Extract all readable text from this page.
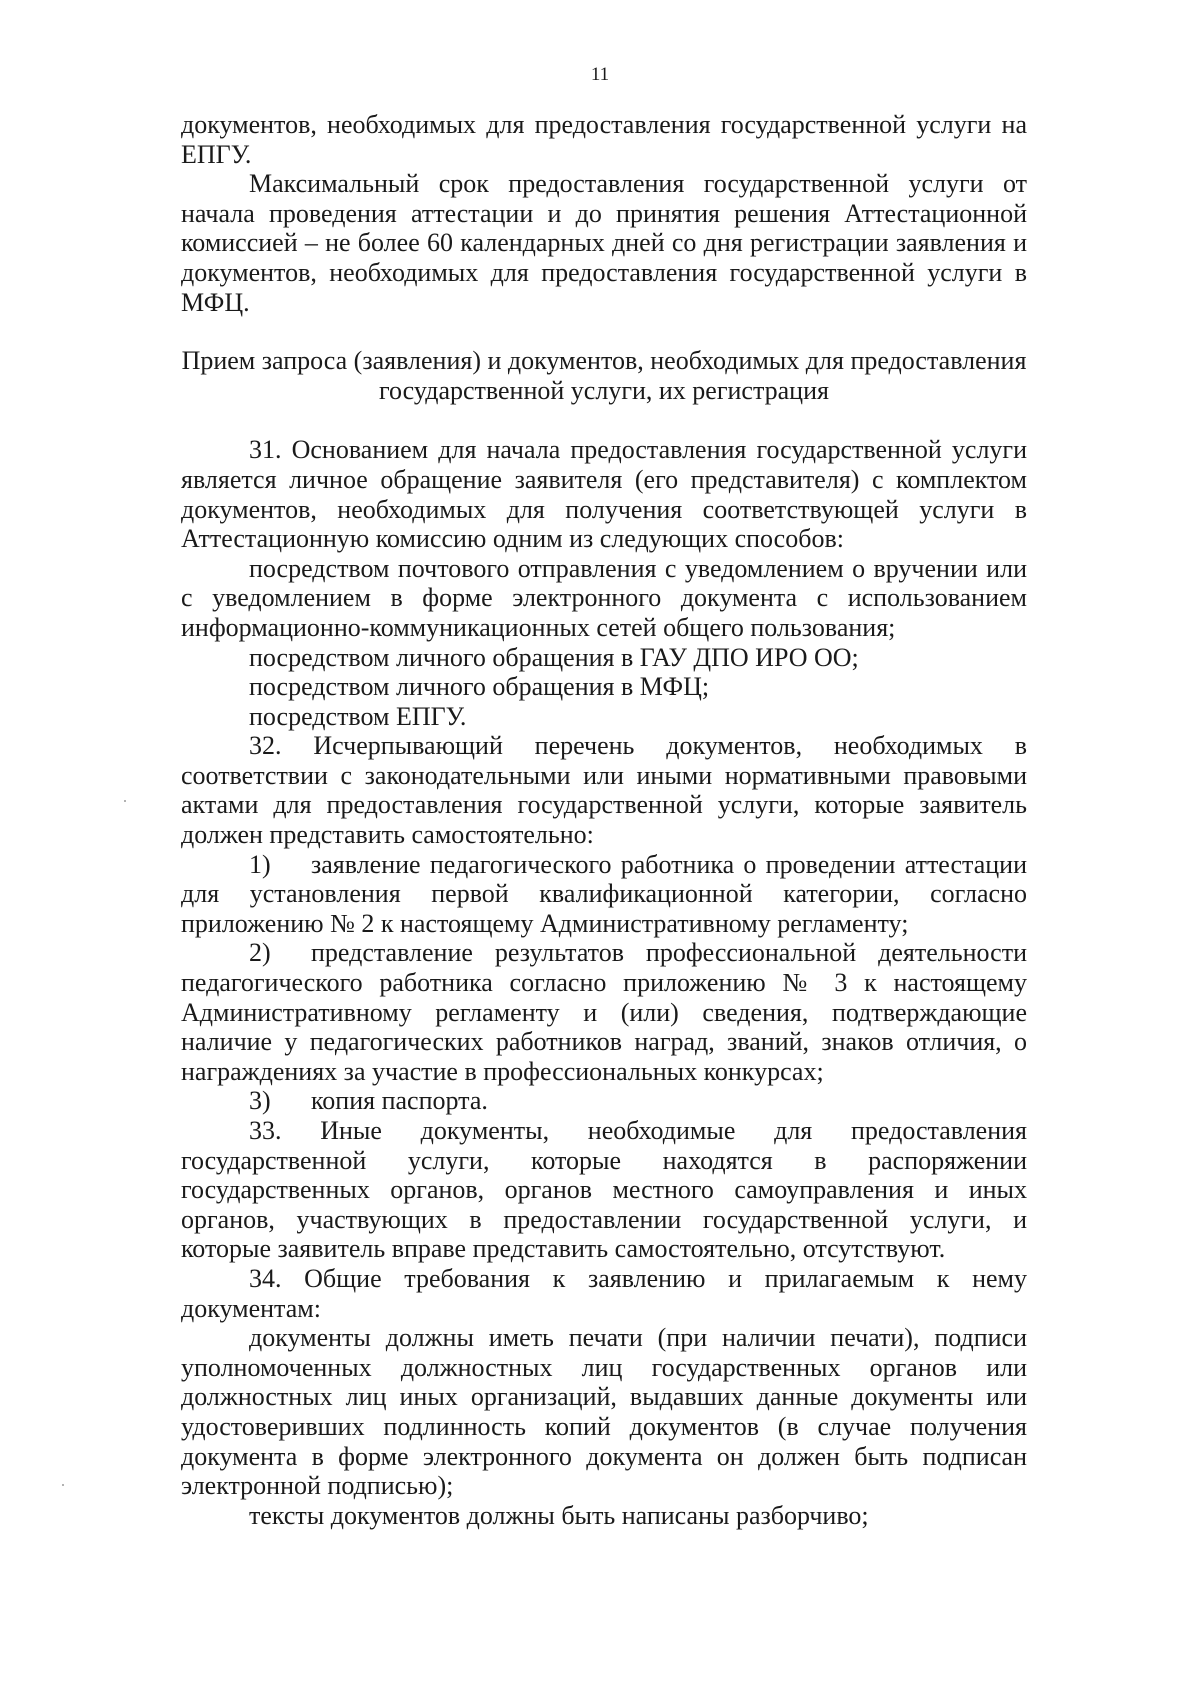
11

документов, необходимых для предоставления государственной услуги на ЕПГУ.

Максимальный срок предоставления государственной услуги от начала проведения аттестации и до принятия решения Аттестационной комиссией – не более 60 календарных дней со дня регистрации заявления и документов, необходимых для предоставления государственной услуги в МФЦ.

Прием запроса (заявления) и документов, необходимых для предоставления государственной услуги, их регистрация

31. Основанием для начала предоставления государственной услуги является личное обращение заявителя (его представителя) с комплектом документов, необходимых для получения соответствующей услуги в Аттестационную комиссию одним из следующих способов:

посредством почтового отправления с уведомлением о вручении или с уведомлением в форме электронного документа с использованием информационно-коммуникационных сетей общего пользования;

посредством личного обращения в ГАУ ДПО ИРО ОО;

посредством личного обращения в МФЦ;

посредством ЕПГУ.

32. Исчерпывающий перечень документов, необходимых в соответствии с законодательными или иными нормативными правовыми актами для предоставления государственной услуги, которые заявитель должен представить самостоятельно:

1) заявление педагогического работника о проведении аттестации для установления первой квалификационной категории, согласно приложению № 2 к настоящему Административному регламенту;

2) представление результатов профессиональной деятельности педагогического работника согласно приложению № 3 к настоящему Административному регламенту и (или) сведения, подтверждающие наличие у педагогических работников наград, званий, знаков отличия, о награждениях за участие в профессиональных конкурсах;

3) копия паспорта.

33. Иные документы, необходимые для предоставления государственной услуги, которые находятся в распоряжении государственных органов, органов местного самоуправления и иных органов, участвующих в предоставлении государственной услуги, и которые заявитель вправе представить самостоятельно, отсутствуют.

34. Общие требования к заявлению и прилагаемым к нему документам:

документы должны иметь печати (при наличии печати), подписи уполномоченных должностных лиц государственных органов или должностных лиц иных организаций, выдавших данные документы или удостоверивших подлинность копий документов (в случае получения документа в форме электронного документа он должен быть подписан электронной подписью);

тексты документов должны быть написаны разборчиво;
